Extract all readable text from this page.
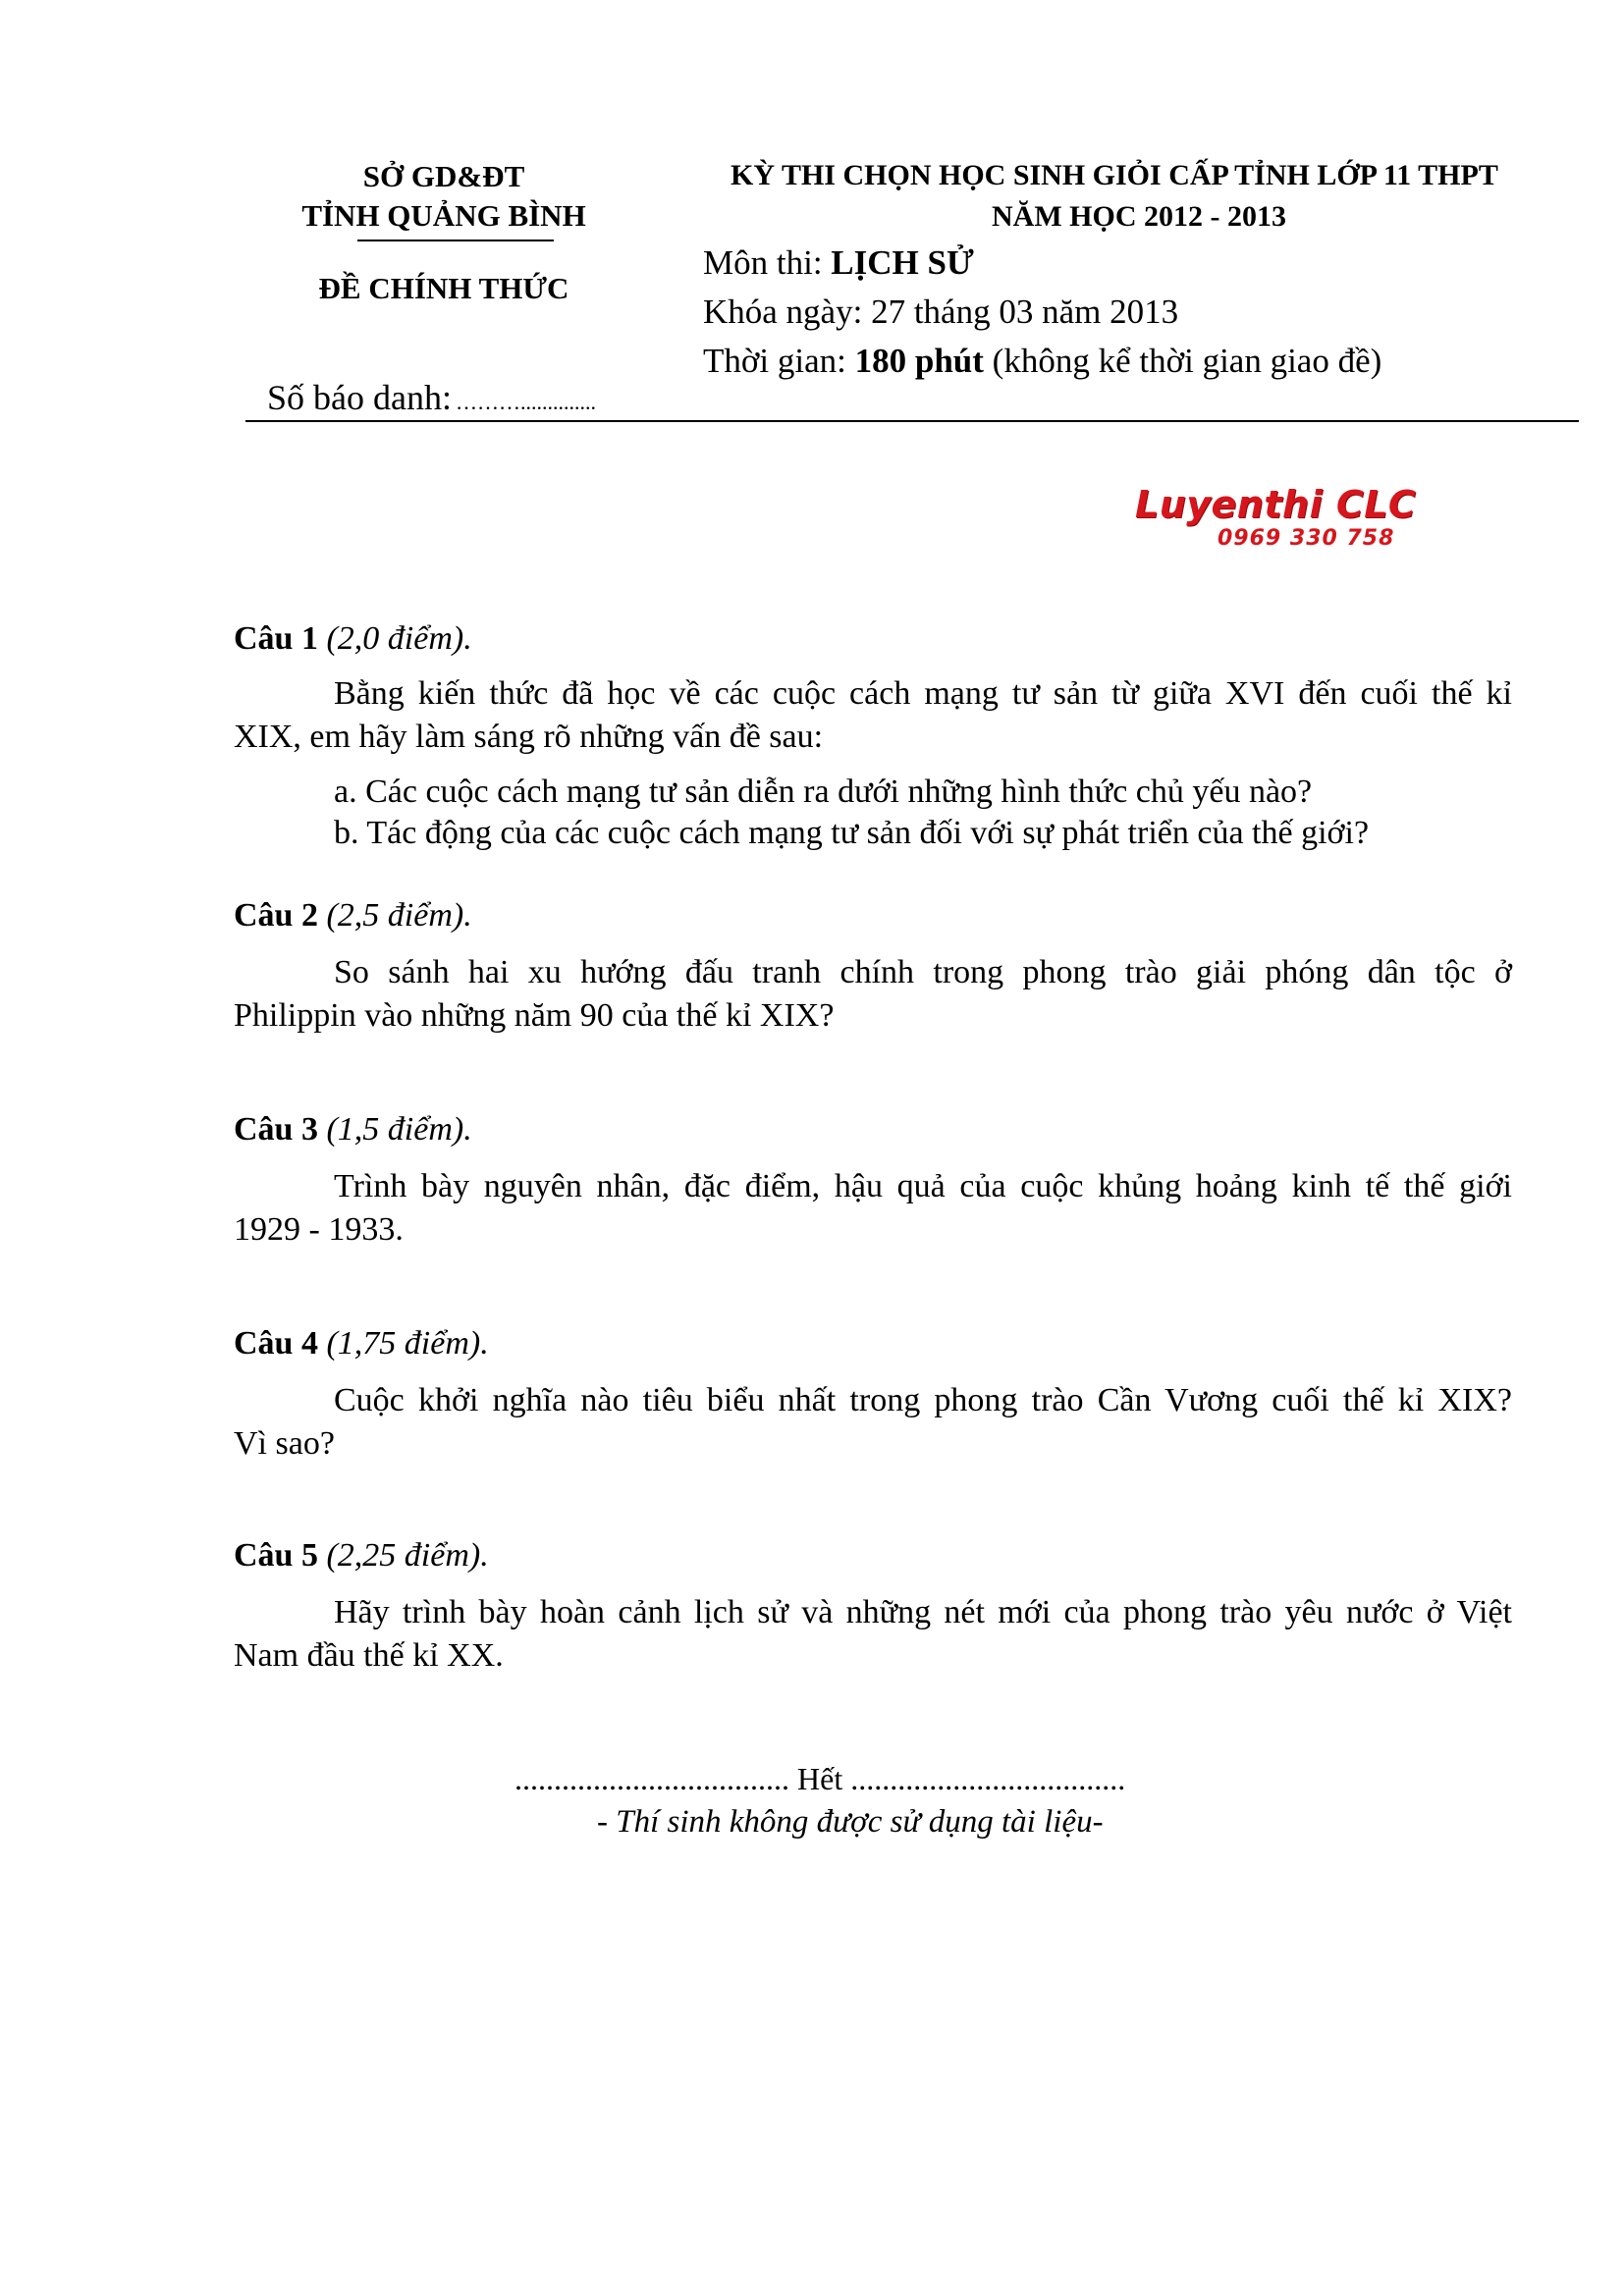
SỞ GD&ĐT
TỈNH QUẢNG BÌNH
ĐỀ CHÍNH THỨC
Số báo danh: ………..............
KỲ THI CHỌN HỌC SINH GIỎI CẤP TỈNH LỚP 11 THPT
NĂM HỌC 2012 - 2013
Môn thi: LỊCH SỬ
Khóa ngày: 27 tháng 03 năm 2013
Thời gian: 180 phút (không kể thời gian giao đề)
Luyenthi CLC
0969 330 758
Câu 1 (2,0 điểm).
Bằng kiến thức đã học về các cuộc cách mạng tư sản từ giữa XVI đến cuối thế kỉ
XIX, em hãy làm sáng rõ những vấn đề sau:
a. Các cuộc cách mạng tư sản diễn ra dưới những hình thức chủ yếu nào?
b. Tác động của các cuộc cách mạng tư sản đối với sự phát triển của thế giới?
Câu 2 (2,5 điểm).
So sánh hai xu hướng đấu tranh chính trong phong trào giải phóng dân tộc ở
Philippin vào những năm 90 của thế kỉ XIX?
Câu 3 (1,5 điểm).
Trình bày nguyên nhân, đặc điểm, hậu quả của cuộc khủng hoảng kinh tế thế giới
1929 - 1933.
Câu 4 (1,75 điểm).
Cuộc khởi nghĩa nào tiêu biểu nhất trong phong trào Cần Vương cuối thế kỉ XIX?
Vì sao?
Câu 5 (2,25 điểm).
Hãy trình bày hoàn cảnh lịch sử và những nét mới của phong trào yêu nước ở Việt
Nam đầu thế kỉ XX.
................................... Hết ...................................
- Thí sinh không được sử dụng tài liệu-
